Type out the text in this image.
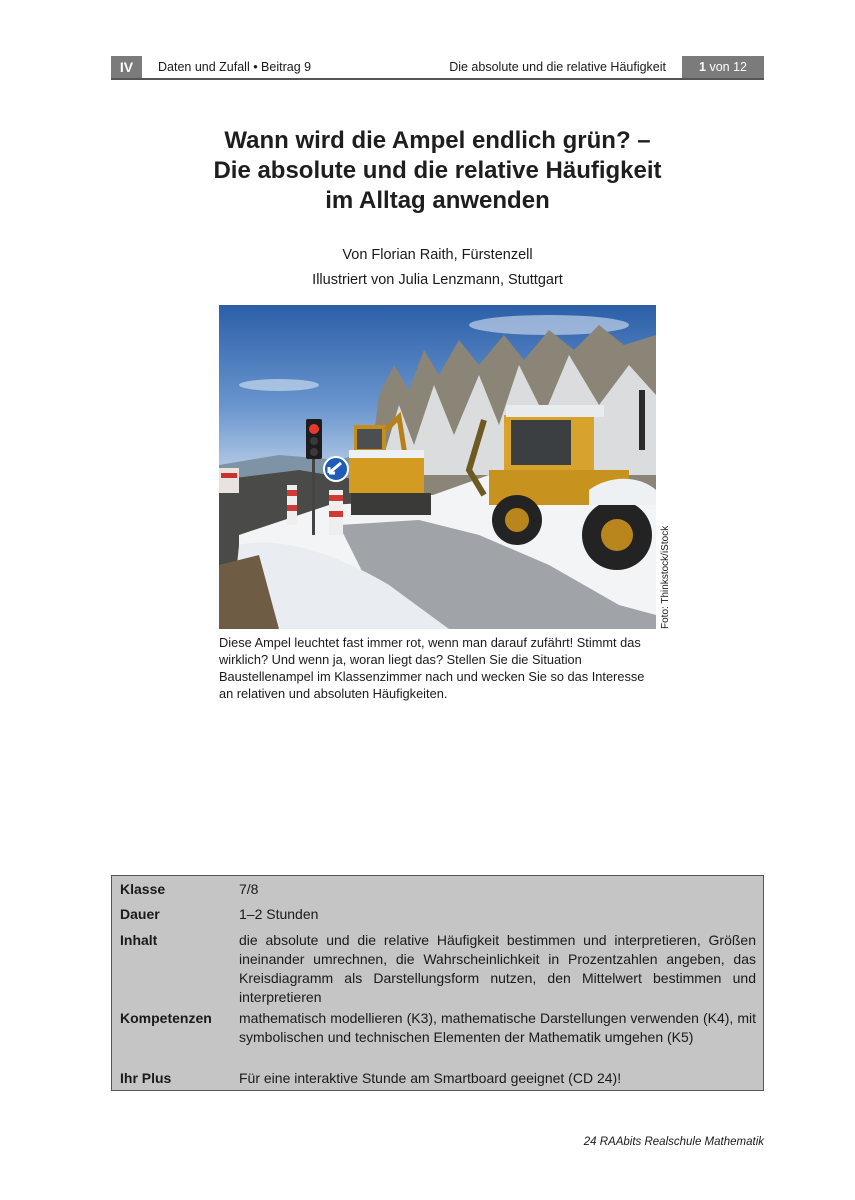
IV	Daten und Zufall • Beitrag 9	Die absolute und die relative Häufigkeit	1 von 12
Wann wird die Ampel endlich grün? –
Die absolute und die relative Häufigkeit
im Alltag anwenden
Von Florian Raith, Fürstenzell
Illustriert von Julia Lenzmann, Stuttgart
Foto: Thinkstock/iStock
Diese Ampel leuchtet fast immer rot, wenn man darauf zufährt! Stimmt das wirklich? Und wenn ja, woran liegt das? Stellen Sie die Situation Baustellenampel im Klassenzimmer nach und wecken Sie so das Interesse an relativen und absoluten Häufigkeiten.
Klasse	7/8
Dauer	1–2 Stunden
Inhalt	die absolute und die relative Häufigkeit bestimmen und interpretieren, Größen ineinander umrechnen, die Wahrscheinlichkeit in Prozentzahlen angeben, das Kreisdiagramm als Darstellungsform nutzen, den Mittelwert bestimmen und interpretieren
Kompetenzen mathematisch modellieren (K3), mathematische Darstellungen verwenden (K4), mit symbolischen und technischen Elementen der Mathematik umgehen (K5)
Ihr Plus	Für eine interaktive Stunde am Smartboard geeignet (CD 24)!
24 RAAbits Realschule Mathematik
